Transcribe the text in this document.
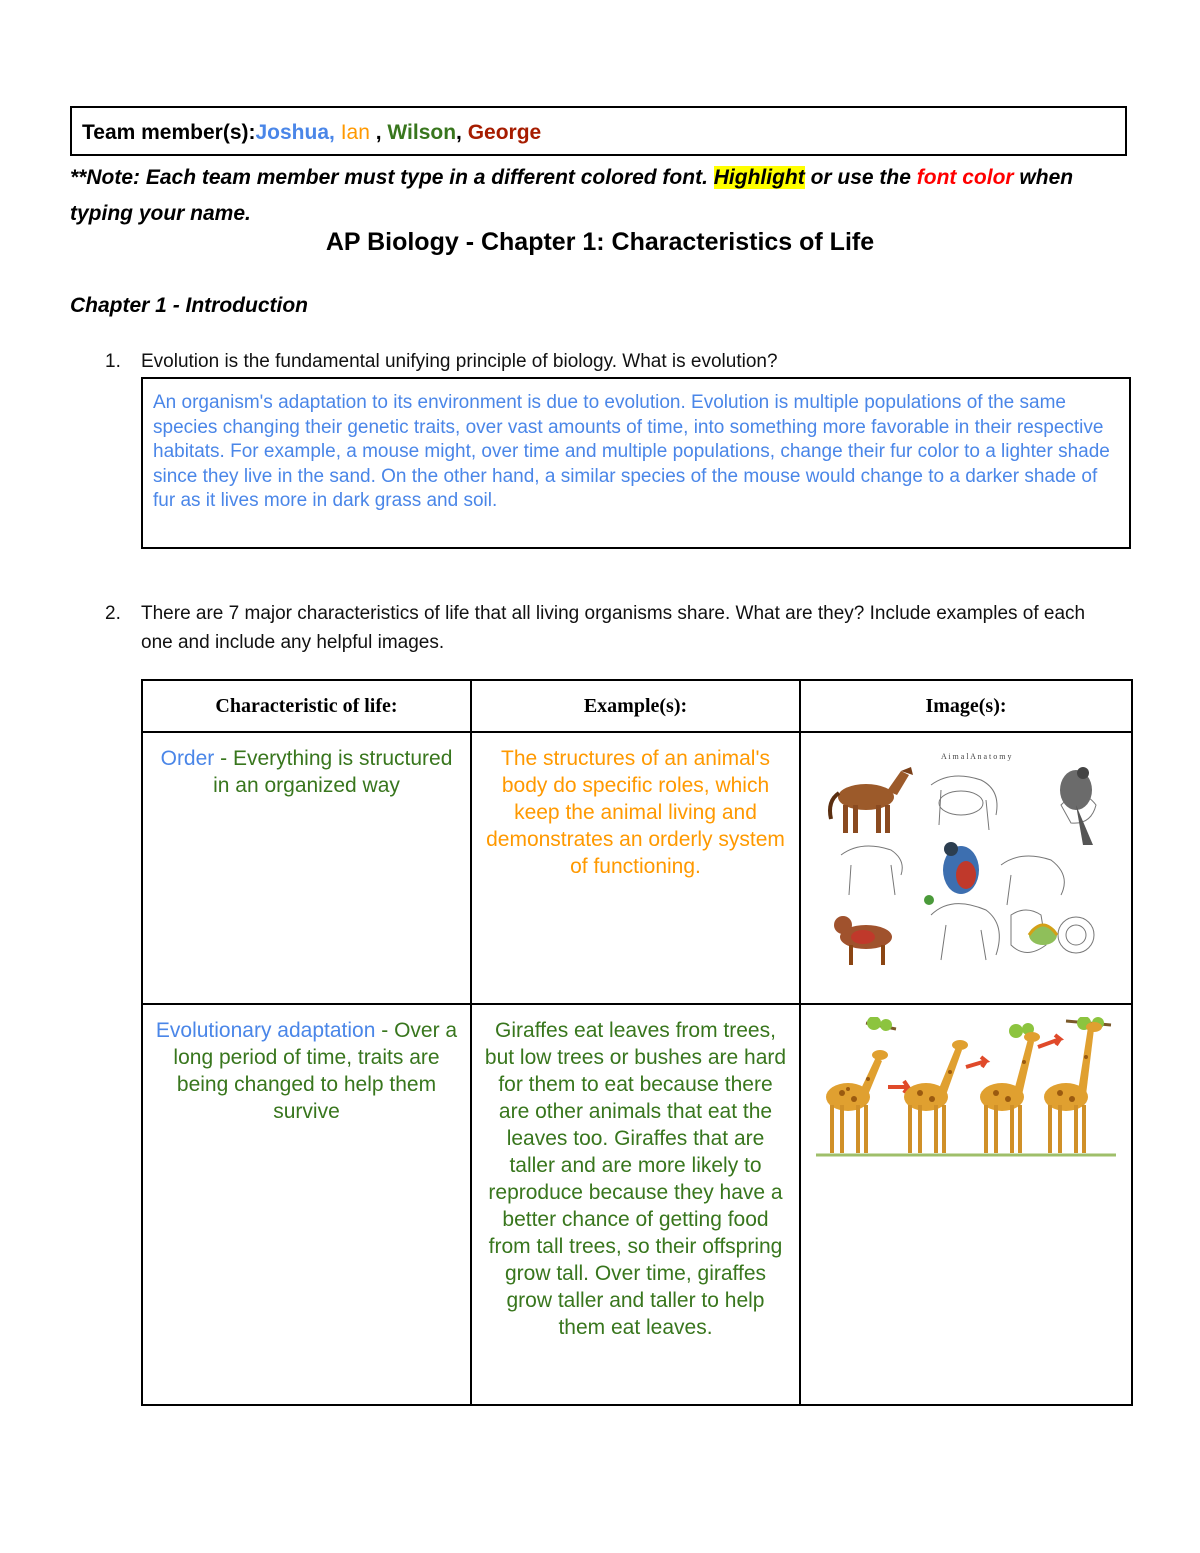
Team member(s):Joshua, Ian , Wilson, George
**Note: Each team member must type in a different colored font. Highlight or use the font color when typing your name.
AP Biology - Chapter 1: Characteristics of Life
Chapter 1 - Introduction
1. Evolution is the fundamental unifying principle of biology. What is evolution?
An organism's adaptation to its environment is due to evolution. Evolution is multiple populations of the same species changing their genetic traits, over vast amounts of time, into something more favorable in their respective habitats. For example, a mouse might, over time and multiple populations, change their fur color to a lighter shade since they live in the sand. On the other hand, a similar species of the mouse would change to a darker shade of fur as it lives more in dark grass and soil.
2. There are 7 major characteristics of life that all living organisms share. What are they? Include examples of each one and include any helpful images.
Characteristic of life:	Example(s):	Image(s):
Order - Everything is structured in an organized way	The structures of an animal's body do specific roles, which keep the animal living and demonstrates an orderly system of functioning.	A i m a l A n a t o m y

Evolutionary adaptation - Over a long period of time, traits are being changed to help them survive	Giraffes eat leaves from trees, but low trees or bushes are hard for them to eat because there are other animals that eat the leaves too. Giraffes that are taller and are more likely to reproduce because they have a better chance of getting food from tall trees, so their offspring grow tall. Over time, giraffes grow taller and taller to help them eat leaves.	
